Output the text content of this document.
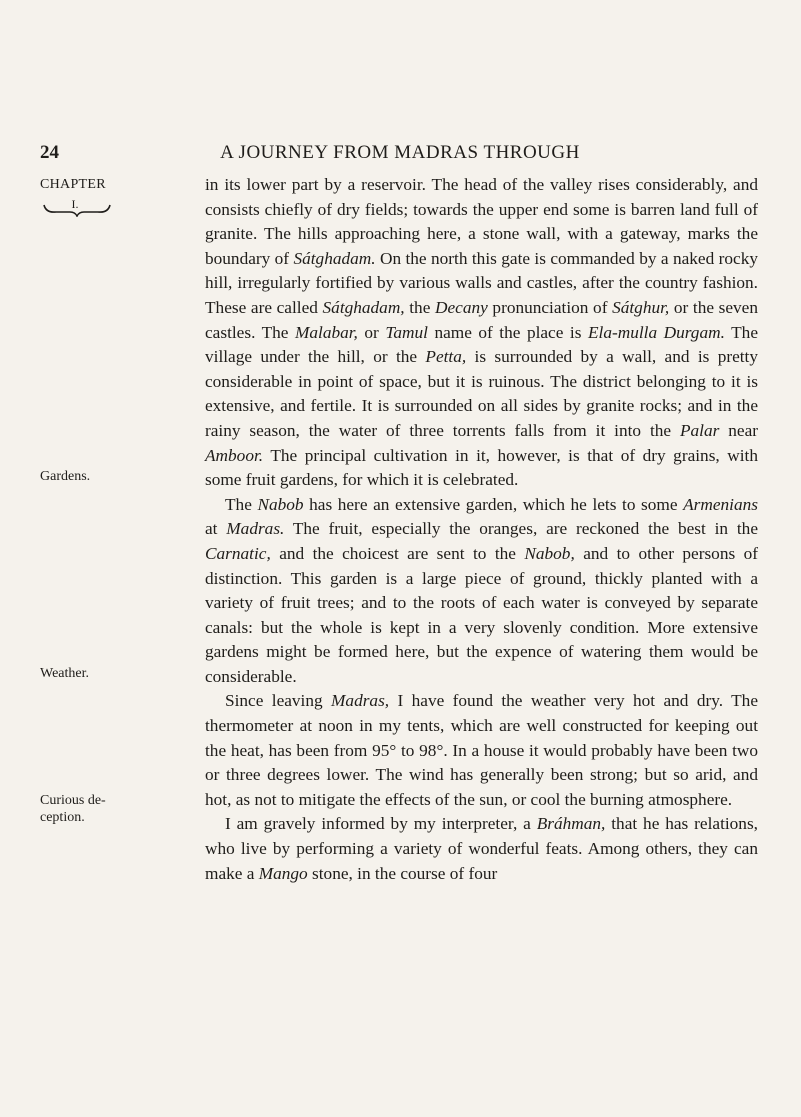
24	A JOURNEY FROM MADRAS THROUGH
CHAPTER
I.
Gardens.
Weather.
Curious de-
ception.

in its lower part by a reservoir. The head of the valley rises considerably, and consists chiefly of dry fields; towards the upper end some is barren land full of granite. The hills approaching here, a stone wall, with a gateway, marks the boundary of Sátghadam. On the north this gate is commanded by a naked rocky hill, irregularly fortified by various walls and castles, after the country fashion. These are called Sátghadam, the Decany pronunciation of Sátghur, or the seven castles. The Malabar, or Tamul name of the place is Ela-mulla Durgam. The village under the hill, or the Petta, is surrounded by a wall, and is pretty considerable in point of space, but it is ruinous. The district belonging to it is extensive, and fertile. It is surrounded on all sides by granite rocks; and in the rainy season, the water of three torrents falls from it into the Palar near Amboor. The principal cultivation in it, however, is that of dry grains, with some fruit gardens, for which it is celebrated.

The Nabob has here an extensive garden, which he lets to some Armenians at Madras. The fruit, especially the oranges, are reckoned the best in the Carnatic, and the choicest are sent to the Nabob, and to other persons of distinction. This garden is a large piece of ground, thickly planted with a variety of fruit trees; and to the roots of each water is conveyed by separate canals: but the whole is kept in a very slovenly condition. More extensive gardens might be formed here, but the expence of watering them would be considerable.

Since leaving Madras, I have found the weather very hot and dry. The thermometer at noon in my tents, which are well constructed for keeping out the heat, has been from 95° to 98°. In a house it would probably have been two or three degrees lower. The wind has generally been strong; but so arid, and hot, as not to mitigate the effects of the sun, or cool the burning atmosphere.

I am gravely informed by my interpreter, a Bráhman, that he has relations, who live by performing a variety of wonderful feats. Among others, they can make a Mango stone, in the course of four
